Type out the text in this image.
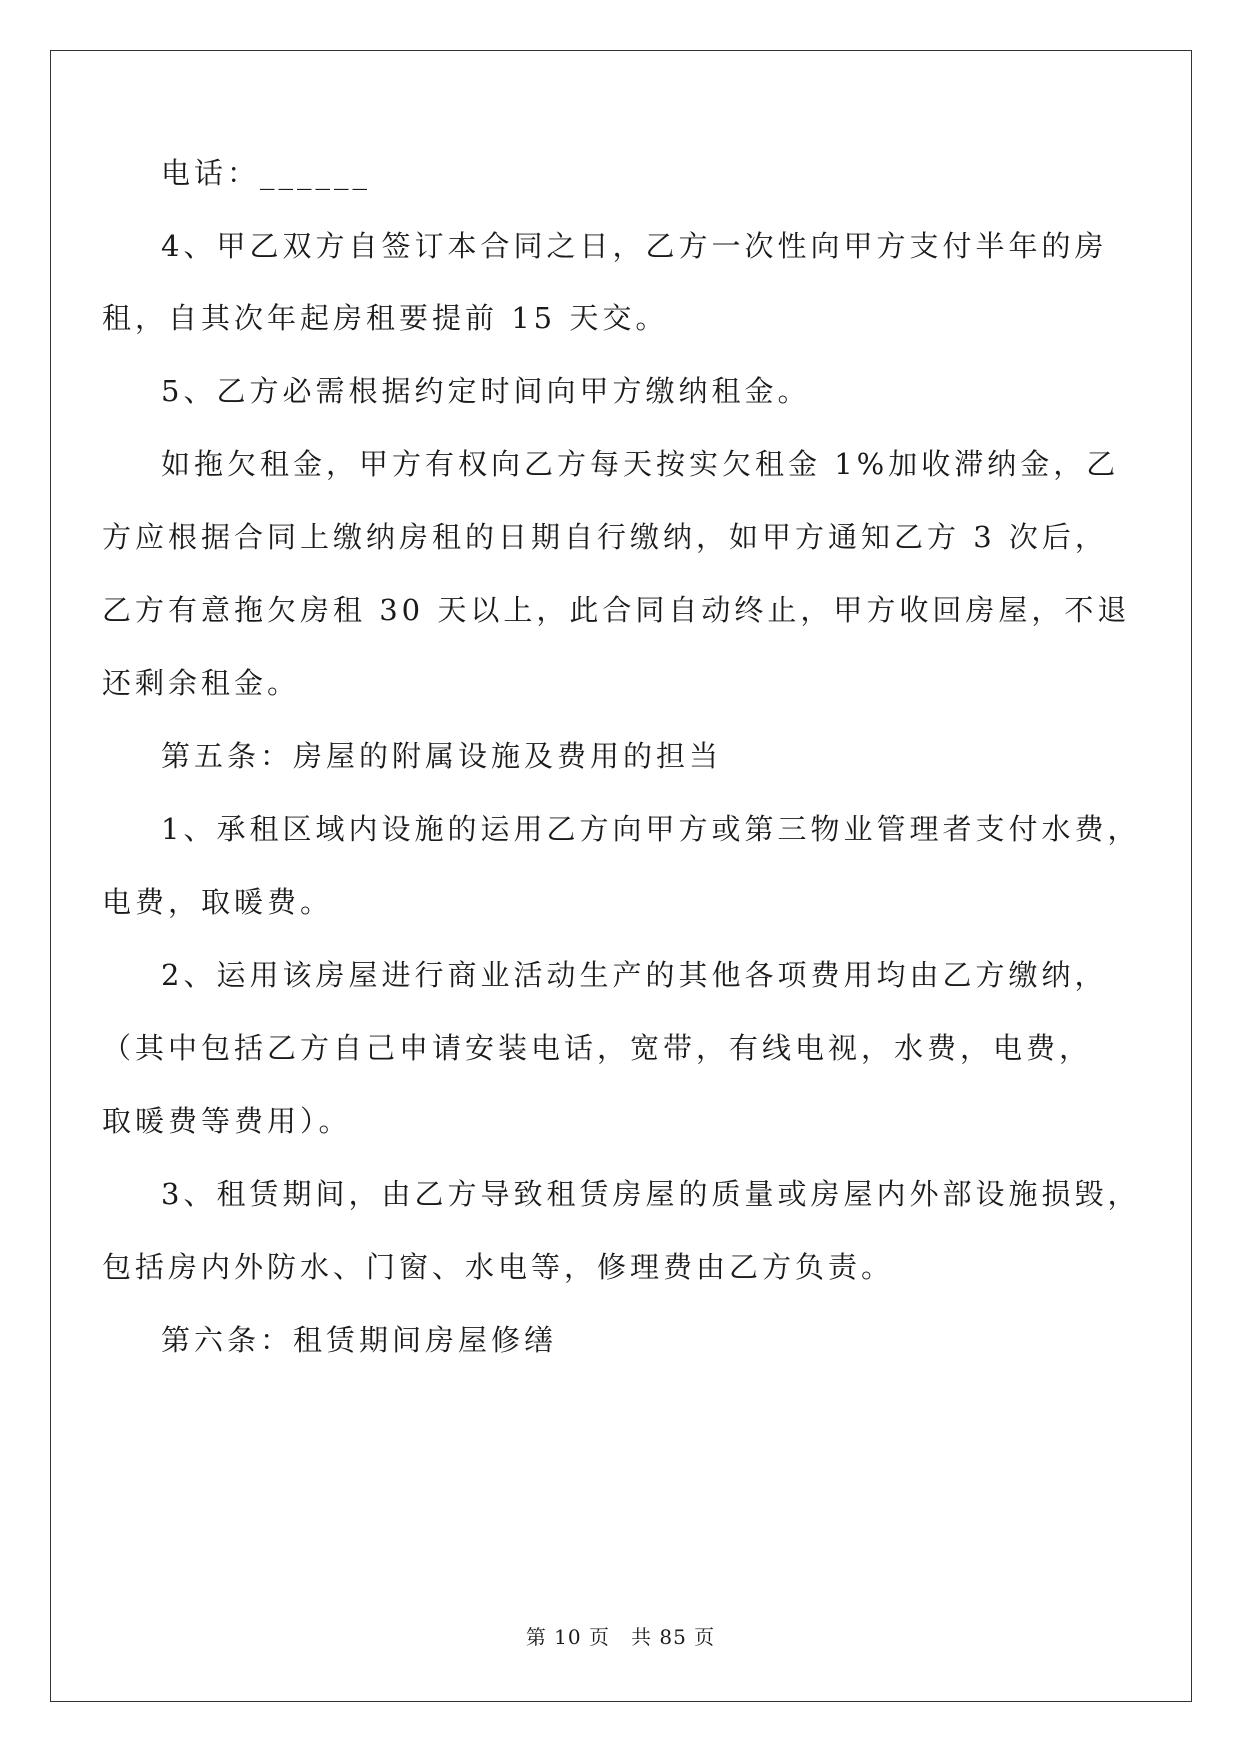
电话：______
4、甲乙双方自签订本合同之日，乙方一次性向甲方支付半年的房
租，自其次年起房租要提前 15 天交。
5、乙方必需根据约定时间向甲方缴纳租金。
如拖欠租金，甲方有权向乙方每天按实欠租金 1%加收滞纳金，乙
方应根据合同上缴纳房租的日期自行缴纳，如甲方通知乙方 3 次后，
乙方有意拖欠房租 30 天以上，此合同自动终止，甲方收回房屋，不退
还剩余租金。
第五条：房屋的附属设施及费用的担当
1、承租区域内设施的运用乙方向甲方或第三物业管理者支付水费，
电费，取暖费。
2、运用该房屋进行商业活动生产的其他各项费用均由乙方缴纳，
（其中包括乙方自己申请安装电话，宽带，有线电视，水费，电费，
取暖费等费用）。
3、租赁期间，由乙方导致租赁房屋的质量或房屋内外部设施损毁，
包括房内外防水、门窗、水电等，修理费由乙方负责。
第六条：租赁期间房屋修缮
第 10 页　共 85 页
